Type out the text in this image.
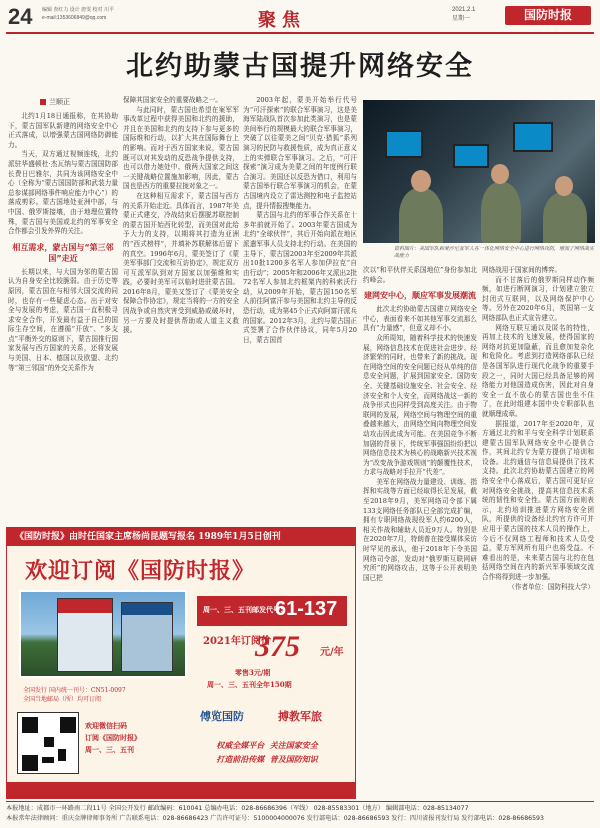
24 编辑 查红力 设计 唐雯 校对 川平
e-mail:1353606849@qq.com	聚焦	2021.2.1
星期一	国防时报
北约助蒙古国提升网络安全
兰顺正

北约1月18日通报称，在其协助下，蒙古国军队新建的网络安全中心正式落成，以增强蒙古国网络防御能力。

当天，双方通过视频连线，北约派驻华盛顿杜·杰瓦纳与蒙古国国防部长费日巴雅尔，共同为该网络安全中心（全称为“蒙古国国防部和武装力量总参谋部网络事件响应能力中心”）的落成剪彩。蒙古国地处亚洲中部，与中国、俄罗斯接壤，由于地理位置特殊，蒙古国与美国或北约的军事安全合作都会引发外界的关注。

相互需求，蒙古国与“第三邻国”走近

长期以来，与大国为邻的蒙古国认为自身安全比较脆弱。由于历史等原因，蒙古国在与相邻大国交流的同时，也存有一些疑虑心态。出于对安全与发展的考虑，蒙古国一直积极寻求安全合作，开发最有益于自己的国际生存空间，在遵循“开放”、“多支点”平衡外交的原则下，蒙古国推行国家发展与西方国家的关系，还将发展与美国、日本、德国以及欧盟、北约等“第三邻国”的外交关系作为

保障其国家安全的重要战略之一。

与此同时，蒙古国也希望在案军军事改革过程中获得美国和北约的援助，并且在美国和北约的支持下参与更多的国际维和行动，以扩大其在国际舞台上的影响。而对于西方国家来说，蒙古国既可以对其发动的反恐战争提供支持，也可以借力她处中、俄两大国家之间这一关键战略位置施加影响，因此，蒙古国也是西方的重要拉拢对象之一。

在这种相互需求下，蒙古国与西方的关系开始走近。具体而言，1987年美蒙正式建交，冷战结束后摆脱苏联控制的蒙古国开始西化转型，而美国对此给予大力的支持，以期将其打造为亚洲的“西式榜样”，并填补苏联解体后留下的真空。1996年6月，蒙美签订了《蒙美军事部门交流和互访协定》，规定双方可互派军队到对方国家以加强维和实践，必要时美军可以临时进驻蒙古国。2016年8月，蒙美又签订了《蒙美安全保障合作协定》，规定当将的一方的安全因战争或自然灾害受到威胁或破坏时，另一方要及时提供帮助或人道主义救援。

2003年起，蒙美开始举行代号为“可汗探索”的联合军事演习，这是美海军陆战队首次参加此类演习，也是蒙美间举行的规模最大的联合军事演习，突破了以往蒙美之间“贝克·猎狐”系列演习的民防与救援性质，成为真正意义上的实弹联合军事演习。之后，“可汗探索”演习成为美蒙之间的年度例行联合演习。美国还以反恐为借口，利用与蒙古国举行联合军事演习的机会，在蒙古国境内设立了雷达测控和电子监控站点，提升情报搜集能力。

蒙古国与北约的军事合作关系在十多年前就开始了。2003年蒙古国成为北约“全球伙伴”，其后开始向派在地区派遣军事人员支持北约行动。在美国的主导下，蒙古国2003年至2009年共派出10批1200多名军人参加伊拉克“自由行动”；2005年和2006年又派出2批72名军人参加北约框架内的科索沃行动，从2009年开始，蒙古国150名军人前往阿富汗参与美国和北约主导的反恐行动，成为第45个正式向阿富汗派兵的国家。2012年3月，北约与蒙古国正式签署了合作伙伴协议，同年5月20日，蒙古国首

资料图片：美国军队和爱沙尼亚军人在一体化网络安全中心进行网络攻防，增加了网络战实战能力

次以“和平伙伴关系国地位”身份参加北约峰会。

建网安中心，顺应军事发展潮流

此次北约协助蒙古国建立网络安全中心，表面看来不如其他军事交流那么具有“力量感”，但意义却不小。

众所周知，随着科学技术的快速发展，网络信息技术在促进社会进步、经济繁荣的同时，也带来了新的挑战。现在网络空间的安全问题已经从单纯的信息安全问题，扩展到国家安全、国防安全、关键基础设施安全、社会安全、经济安全和个人安全，而网络战这一新的战争形式也同样受到高度关注。由于物联网的发展，网络空间与物理空间的重叠越来越大，由网络空间向物理空间发动攻击因此成为可能。在美国竞争不断加剧的背景下，传统军事强国纷纷把以网络信息技术为核心的战略新兴技术视为“改变战争游戏规则”的颠覆性技术，力求与战略对手拉开“代差”。

美军在网络战力量建设、训练、指挥和实战等方面已经取得长足发展，截至2018年9月，美军网络司令部下属133支网络任务部队已全部完成扩编，拥有专职网络战现役军人约6200人，相关作战和辅助人员近9万人。特别是在2020年7月，特朗普在接受媒体采访时罕见的承认，他于2018年下令美国网络司令部，发动对“俄罗斯互联网研究所”的网络攻击，这等于公开表明美国已把

网络战用于国家间的博弈。

而不甘落后的俄罗斯同样动作频频，如进行断网演习，计划建立独立封闭式互联网，以及网络保护中心等。另外在2020年6月，英国第一支网络部队也正式宣告建立。

网络互联互通以及匿名的特性，再加上技术的飞速发展，使得国家的网络对抗更加隐蔽，而且愈加复杂化和危险化。考虑到打造网络部队已经是各国军队进行现代化战争的重要手段之一，同时大国已经具备足够的网络能力对他国造成伤害，因此对自身安全一直不放心的蒙古国也坐不住了，在此时组建本国中央专职部队也就顺理成章。

据报道，2017年至2020年，双方通过北约和平与安全科学计划联系建蒙古国军队网络安全中心提供合作，其间北约专为蒙方提供了培训和设备。北约通信与信息局提供了技术支持。此次北约协助蒙古国建立的网络安全中心落成后，蒙古国可更好应对网络安全挑战，提高其信息技术系统的韧性和安全性。蒙古国方面则表示，北约培训推进蒙方网络安全团队，所提供的设备经北约官方许可并应用于蒙古国的技术人员的操作上，今后不仅网络工程师和技术人员受益，蒙方军网所有用户也将受益。不难看出的是，未来蒙古国与北约在包括网络空间在内的新兴军事领域交流合作将得到进一步加强。

（作者单位：国防科技大学）

《国防时报》由时任国家主席杨尚昆题写报名 1989年1月5日创刊
欢迎订阅《国防时报》
周一、三、五刊邮发代号：
61-137
2021年订阅价
375 元/年
零售3元/期
周一、三、五刊全年150期
全国发行 国内统一刊号：CN51-0097
全国当地邮局（所）均可订阅
欢迎微信扫码
订阅《国防时报》
周一、三、五刊
傅览国防	搏教军旅
权威全媒平台 关注国家安全
打造前沿传媒 普及国防知识
本报地址：成都市一环路南二段11号 全国公开发行 邮政编码：610041 总编办电话：028-86686396（军线） 028-85583301（地方） 编辑部电话：028-85134077
本报常年法律顾问：重庆金牌律师事务所 广告联系电话：028-86686423 广告许可证号：5100004000076 发行部电话：028-86686593 发行：四川省报刊发行局 发行部电话：028-86686593
